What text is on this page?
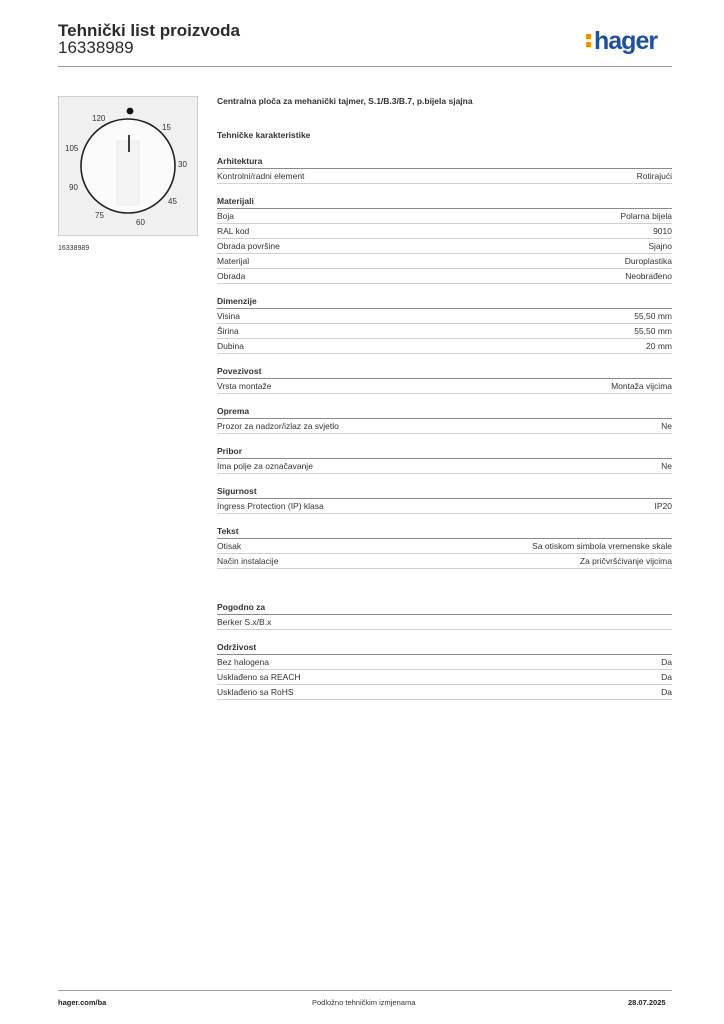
Tehnički list proizvoda
16338989	hager
120
15
105
30
90
45
75
60
16338989
Centralna ploča za mehanički tajmer, S.1/B.3/B.7, p.bijela sjajna
Tehničke karakteristike
Arhitektura
Kontrolni/radni element	Rotirajući
Materijali
Boja	Polarna bijela
RAL kod	9010
Obrada površine	Sjajno
Materijal	Duroplastika
Obrada	Neobrađeno
Dimenzije
Visina	55,50 mm
Širina	55,50 mm
Dubina	20 mm
Povezivost
Vrsta montaže	Montaža vijcima
Oprema
Prozor za nadzor/izlaz za svjetlo	Ne
Pribor
Ima polje za označavanje	Ne
Sigurnost
Ingress Protection (IP) klasa	IP20
Tekst
Otisak	Sa otiskom simbola vremenske skale
Način instalacije	Za pričvršćivanje vijcima
Pogodno za
Berker S.x/B.x
Održivost
Bez halogena	Da
Usklađeno sa REACH	Da
Usklađeno sa RoHS	Da
hager.com/ba	Podložno tehničkim izmjenama	28.07.2025
